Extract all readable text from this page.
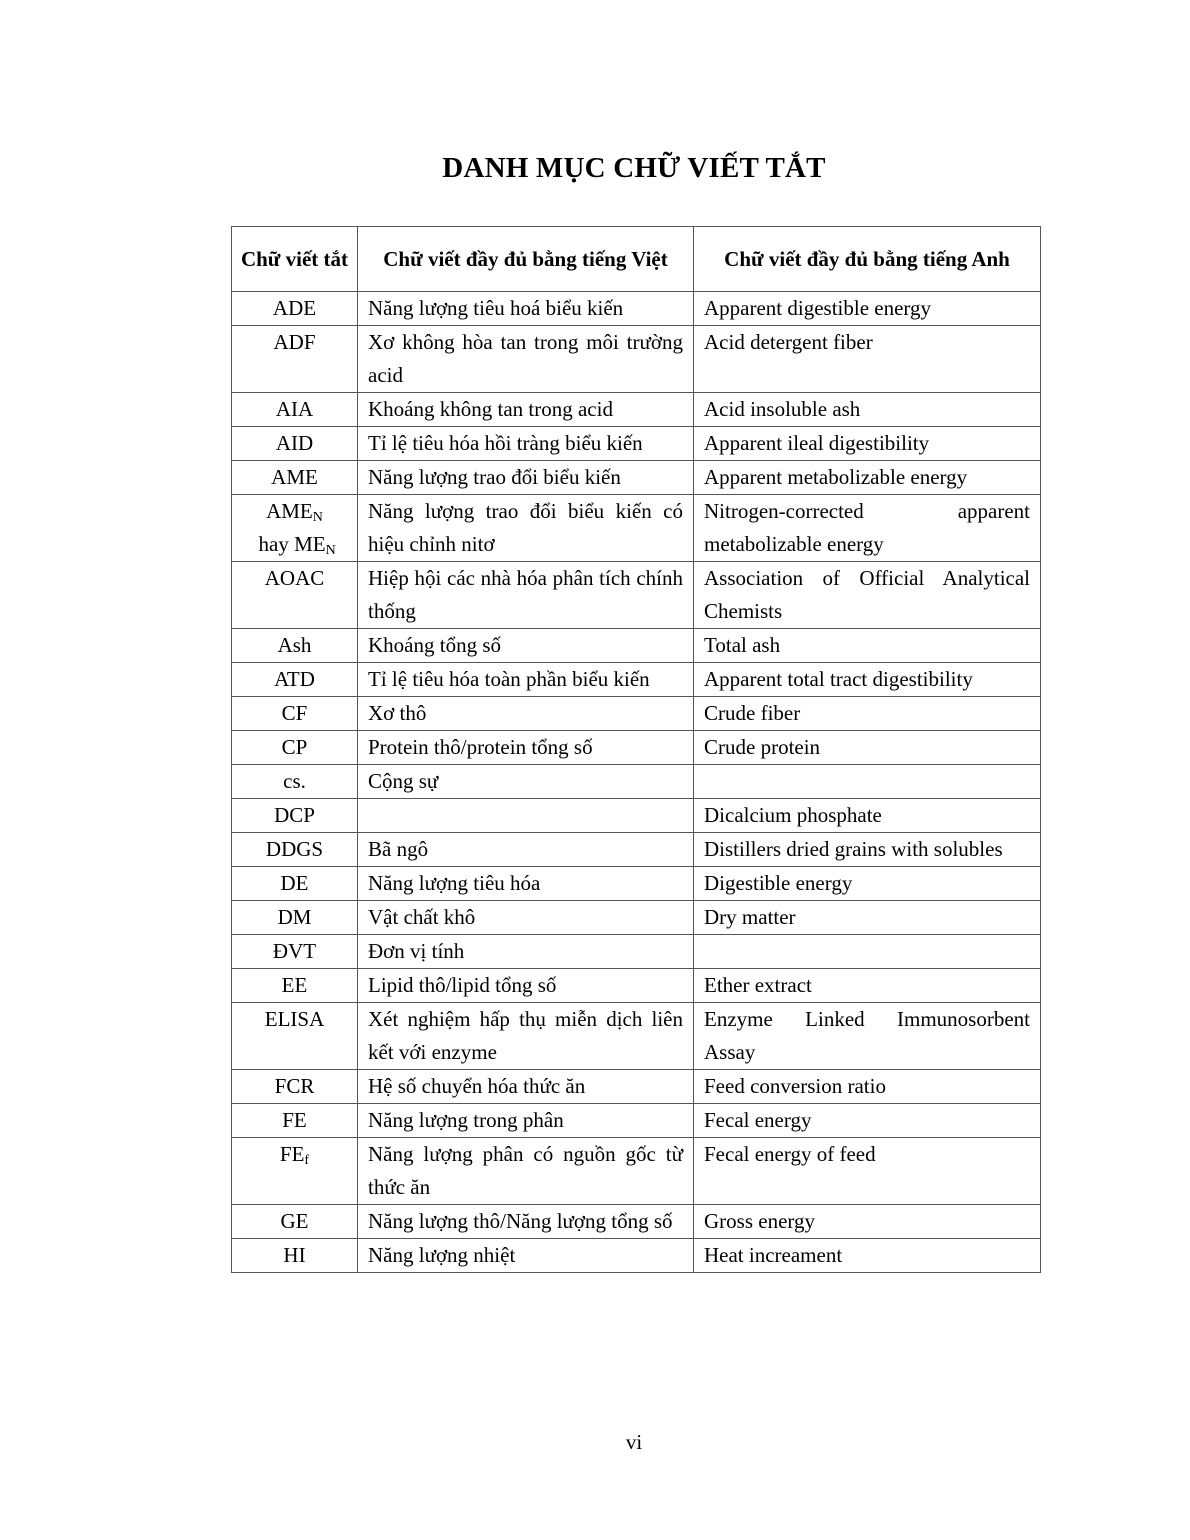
DANH MỤC CHỮ VIẾT TẮT
Chữ viết tắt	Chữ viết đầy đủ bằng tiếng Việt	Chữ viết đầy đủ bằng tiếng Anh
ADE	Năng lượng tiêu hoá biểu kiến	Apparent digestible energy
ADF	Xơ không hòa tan trong môi trường acid	Acid detergent fiber
AIA	Khoáng không tan trong acid	Acid insoluble ash
AID	Tỉ lệ tiêu hóa hồi tràng biểu kiến	Apparent ileal digestibility
AME	Năng lượng trao đổi biểu kiến	Apparent metabolizable energy
$AME_N$ hay $ME_N$	Năng lượng trao đổi biểu kiến có hiệu chỉnh nitơ	Nitrogen-corrected apparent metabolizable energy
AOAC	Hiệp hội các nhà hóa phân tích chính thống	Association of Official Analytical Chemists
Ash	Khoáng tổng số	Total ash
ATD	Tỉ lệ tiêu hóa toàn phần biểu kiến	Apparent total tract digestibility
CF	Xơ thô	Crude fiber
CP	Protein thô/protein tổng số	Crude protein
cs.	Cộng sự	
DCP		Dicalcium phosphate
DDGS	Bã ngô	Distillers dried grains with solubles
DE	Năng lượng tiêu hóa	Digestible energy
DM	Vật chất khô	Dry matter
ĐVT	Đơn vị tính	
EE	Lipid thô/lipid tổng số	Ether extract
ELISA	Xét nghiệm hấp thụ miễn dịch liên kết với enzyme	Enzyme Linked Immunosorbent Assay
FCR	Hệ số chuyển hóa thức ăn	Feed conversion ratio
FE	Năng lượng trong phân	Fecal energy
$FE_f$	Năng lượng phân có nguồn gốc từ thức ăn	Fecal energy of feed
GE	Năng lượng thô/Năng lượng tổng số	Gross energy
HI	Năng lượng nhiệt	Heat increament
vi
